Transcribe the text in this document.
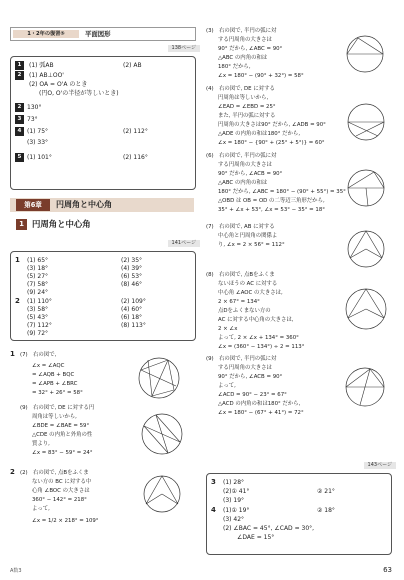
1・2年の復習⑤	平面図形
138ページ
1	(1) 弧AB	(2) AB
2	(1) AB⊥OO'
(2) OA = O'A のとき
(円O, O'の半径が等しいとき)
2 130°
3 73°
4 (1) 75°	(2) 112°
(3) 33°
5 (1) 101°	(2) 116°
第6章	円周角と中心角
1 円周角と中心角
141ページ
1 (1) 65°	(2) 35°
(3) 18°	(4) 39°
(5) 27°	(6) 53°
(7) 58°	(8) 46°
(9) 24°
2 (1) 110°	(2) 109°
(3) 58°	(4) 60°
(5) 43°	(6) 18°
(7) 112°	(8) 113°
(9) 72°
1 (7)　右の図で,
∠x = ∠AQC
= ∠AQB + BQC
= ∠APB + ∠BRC
= 32° + 26° = 58°
(9)　右の図で, DE に対する円
周角は等しいから,
∠BDE = ∠BAE = 59°
△CDE の内角と外角の性
質より,
∠x = 83° − 59° = 24°
2 (2)　右の図で, 点Bをふくま
ない方の BC に対する中
心角 ∠BOC の大きさは
360° − 142° = 218°
よって,
∠x = 1/2 × 218° = 109°
(3)　右の図で, 半円の弧に対
する円周角の大きさは
90° だから, ∠ABC = 90°
△ABC の内角の和は
180° だから,
∠x = 180° − (90° + 32°) = 58°
(4)　右の図で, DE に対する
円周角は等しいから,
∠EAD = ∠EBD = 25°
また, 半円の弧に対する
円周角の大きさは90° だから, ∠ADB = 90°
△ADE の内角の和は180° だから,
∠x = 180° − {90° + (25° + 5°)} = 60°
(6)　右の図で, 半円の弧に対
する円周角の大きさは
90° だから, ∠ACB = 90°
△ABC の内角の和は
180° だから, ∠ABC = 180° − (90° + 55°) = 35°
△OBD は OB = OD の二等辺三角形だから,
35° + ∠x + 53°, ∠x = 53° − 35° = 18°
(7)　右の図で, AB に対する
中心角と円周角の関係よ
り, ∠x = 2 × 56° = 112°
(8)　右の図で, 点Bをふくま
ないほうの AC に対する
中心角 ∠AOC の大きさは,
2 × 67° = 134°
点Dをふくまない方の
AC に対する中心角の大きさは,
2 × ∠x
よって, 2 × ∠x + 134° = 360°
∠x = (360° − 134°) ÷ 2 = 113°
(9)　右の図で, 半円の弧に対
する円周角の大きさは
90° だから, ∠ACB = 90°
よって,
∠ACD = 90° − 23° = 67°
△ACD の内角の和は180° だから,
∠x = 180° − (67° + 41°) = 72°
143ページ
3 (1) 28°
(2)① 41°	② 21°
(3) 19°
4 (1)① 19°	② 18°
(3) 42°
(2) ∠BAC = 45°, ∠CAD = 30°,
∠DAE = 15°
A数3	63
